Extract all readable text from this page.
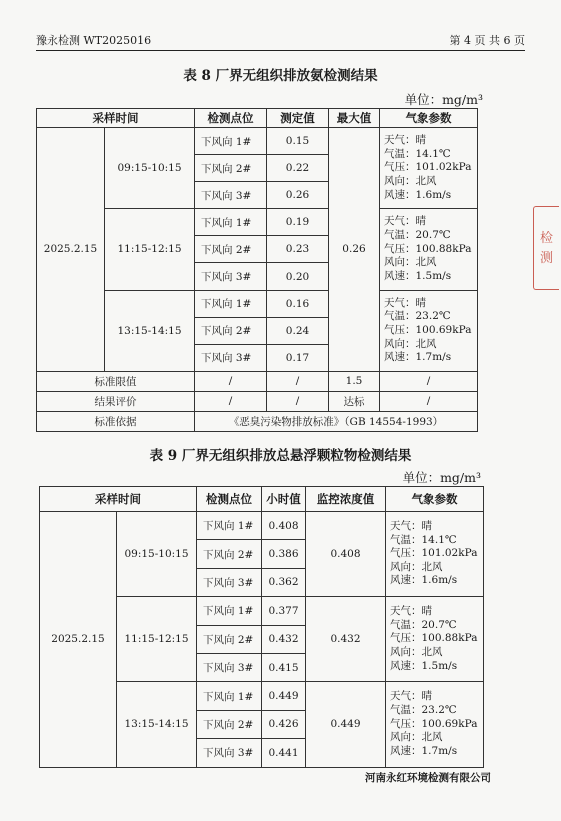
豫永检测 WT2025016	第 4 页 共 6 页
表 8 厂界无组织排放氨检测结果
单位：mg/m³
采样时间		检测点位	测定值	最大值	气象参数
2025.2.15	09:15-10:15	下风向 1#	0.15	0.26	天气：晴
气温：14.1℃
气压：101.02kPa
风向：北风
风速：1.6m/s

		下风向 2#	0.22		
		下风向 3#	0.26		
	11:15-12:15	下风向 1#	0.19		天气：晴
气温：20.7℃
气压：100.88kPa
风向：北风
风速：1.5m/s

		下风向 2#	0.23		
		下风向 3#	0.20		
	13:15-14:15	下风向 1#	0.16		天气：晴
气温：23.2℃
气压：100.69kPa
风向：北风
风速：1.7m/s

		下风向 2#	0.24		
		下风向 3#	0.17		
标准限值		/	/	1.5	/
结果评价		/	/	达标	/
标准依据		《恶臭污染物排放标准》（GB 14554-1993）			
表 9 厂界无组织排放总悬浮颗粒物检测结果
单位：mg/m³
采样时间		检测点位	小时值	监控浓度值	气象参数
2025.2.15	09:15-10:15	下风向 1#	0.408	0.408	天气：晴
气温：14.1℃
气压：101.02kPa
风向：北风
风速：1.6m/s

		下风向 2#	0.386		
		下风向 3#	0.362		
	11:15-12:15	下风向 1#	0.377	0.432	天气：晴
气温：20.7℃
气压：100.88kPa
风向：北风
风速：1.5m/s

		下风向 2#	0.432		
		下风向 3#	0.415		
	13:15-14:15	下风向 1#	0.449	0.449	天气：晴
气温：23.2℃
气压：100.69kPa
风向：北风
风速：1.7m/s

		下风向 2#	0.426		
		下风向 3#	0.441		
河南永红环境检测有限公司
检
测
